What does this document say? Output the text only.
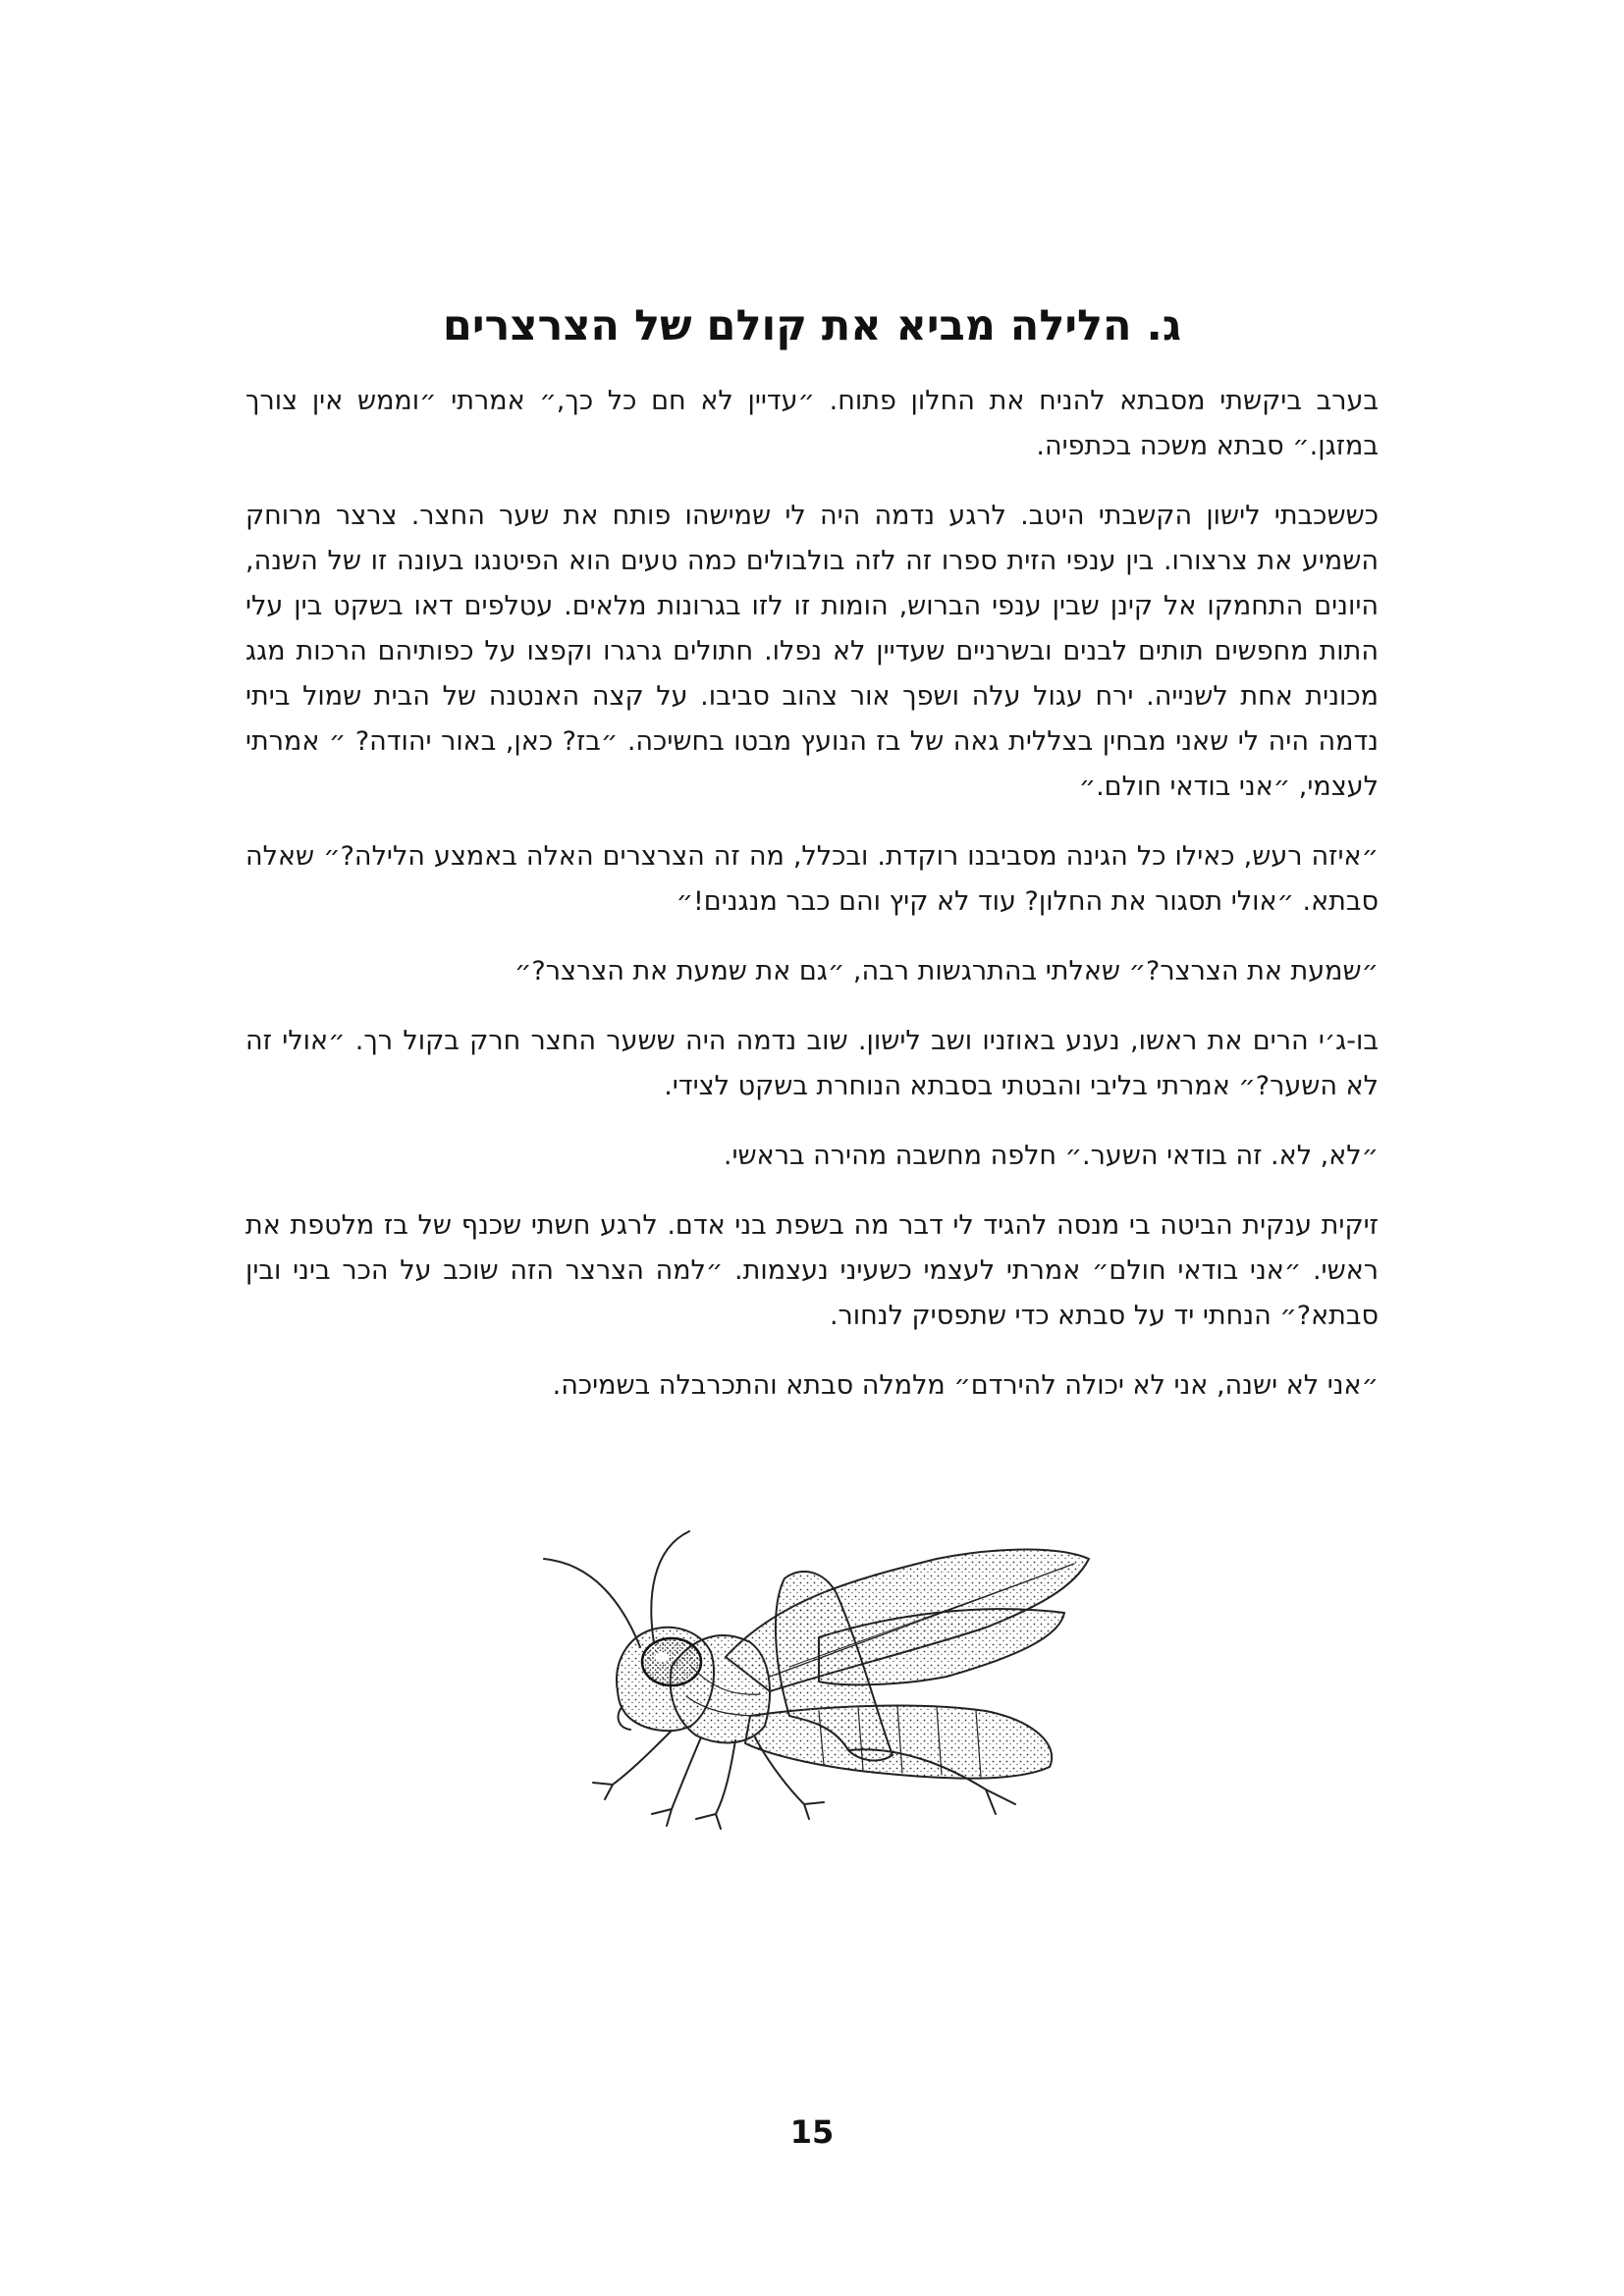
ג. הלילה מביא את קולם של הצרצרים

בערב ביקשתי מסבתא להניח את החלון פתוח. ״עדיין לא חם כל כך,״ אמרתי ״וממש אין צורך במזגן.״ סבתא משכה בכתפיה.

כששכבתי לישון הקשבתי היטב. לרגע נדמה היה לי שמישהו פותח את שער החצר. צרצר מרוחק השמיע את צרצורו. בין ענפי הזית ספרו זה לזה בולבולים כמה טעים הוא הפיטנגו בעונה זו של השנה, היונים התחמקו אל קינן שבין ענפי הברוש, הומות זו לזו בגרונות מלאים. עטלפים דאו בשקט בין עלי התות מחפשים תותים לבנים ובשרניים שעדיין לא נפלו. חתולים גרגרו וקפצו על כפותיהם הרכות מגג מכונית אחת לשנייה. ירח עגול עלה ושפך אור צהוב סביבו. על קצה האנטנה של הבית שמול ביתי נדמה היה לי שאני מבחין בצללית גאה של בז הנועץ מבטו בחשיכה. ״בז? כאן, באור יהודה? ״ אמרתי לעצמי, ״אני בודאי חולם.״

״איזה רעש, כאילו כל הגינה מסביבנו רוקדת. ובכלל, מה זה הצרצרים האלה באמצע הלילה?״ שאלה סבתא. ״אולי תסגור את החלון? עוד לא קיץ והם כבר מנגנים!״

״שמעת את הצרצר?״ שאלתי בהתרגשות רבה, ״גם את שמעת את הצרצר?״

בו-ג׳י הרים את ראשו, נענע באוזניו ושב לישון. שוב נדמה היה ששער החצר חרק בקול רך. ״אולי זה לא השער?״ אמרתי בליבי והבטתי בסבתא הנוחרת בשקט לצידי.

״לא, לא. זה בודאי השער.״ חלפה מחשבה מהירה בראשי.

זיקית ענקית הביטה בי מנסה להגיד לי דבר מה בשפת בני אדם. לרגע חשתי שכנף של בז מלטפת את ראשי. ״אני בודאי חולם״ אמרתי לעצמי כשעיני נעצמות. ״למה הצרצר הזה שוכב על הכר ביני ובין סבתא?״ הנחתי יד על סבתא כדי שתפסיק לנחור.

״אני לא ישנה, אני לא יכולה להירדם״ מלמלה סבתא והתכרבלה בשמיכה.

15
